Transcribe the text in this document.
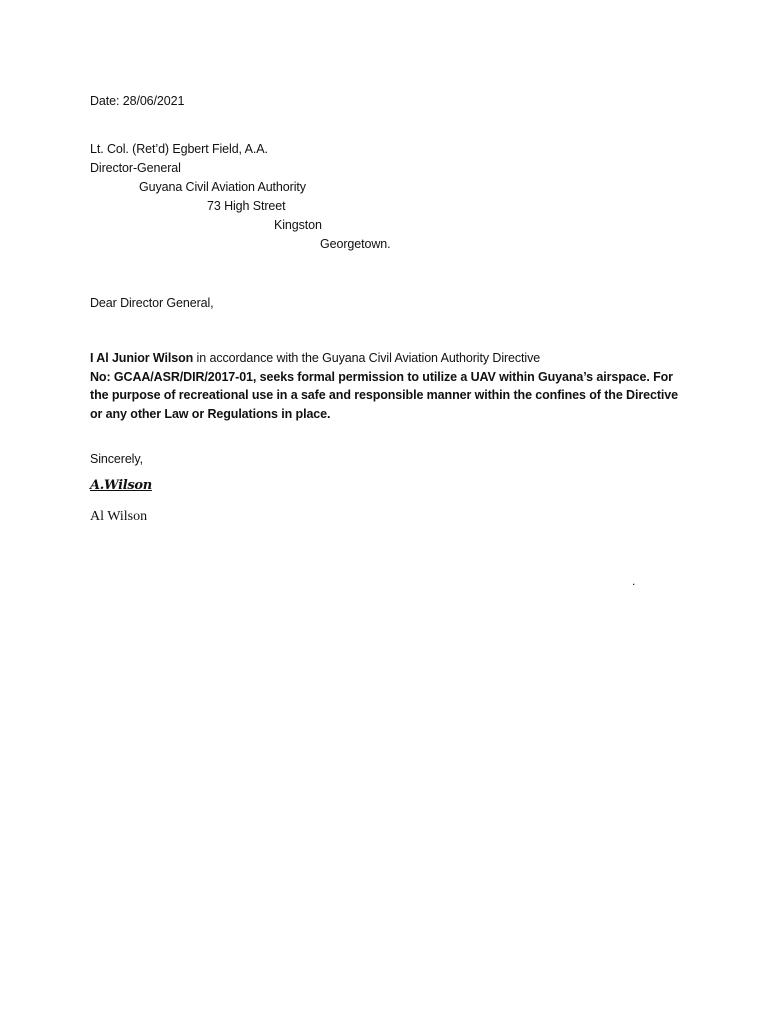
Date: 28/06/2021
Lt. Col. (Ret’d) Egbert Field, A.A.
Director-General
Guyana Civil Aviation Authority
73 High Street
Kingston
Georgetown.
Dear Director General,
I Al Junior Wilson in accordance with the Guyana Civil Aviation Authority Directive
No: GCAA/ASR/DIR/2017-01, seeks formal permission to utilize a UAV within Guyana’s airspace. For the purpose of recreational use in a safe and responsible manner within the confines of the Directive or any other Law or Regulations in place.
Sincerely,
A.Wilson
Al Wilson
.
